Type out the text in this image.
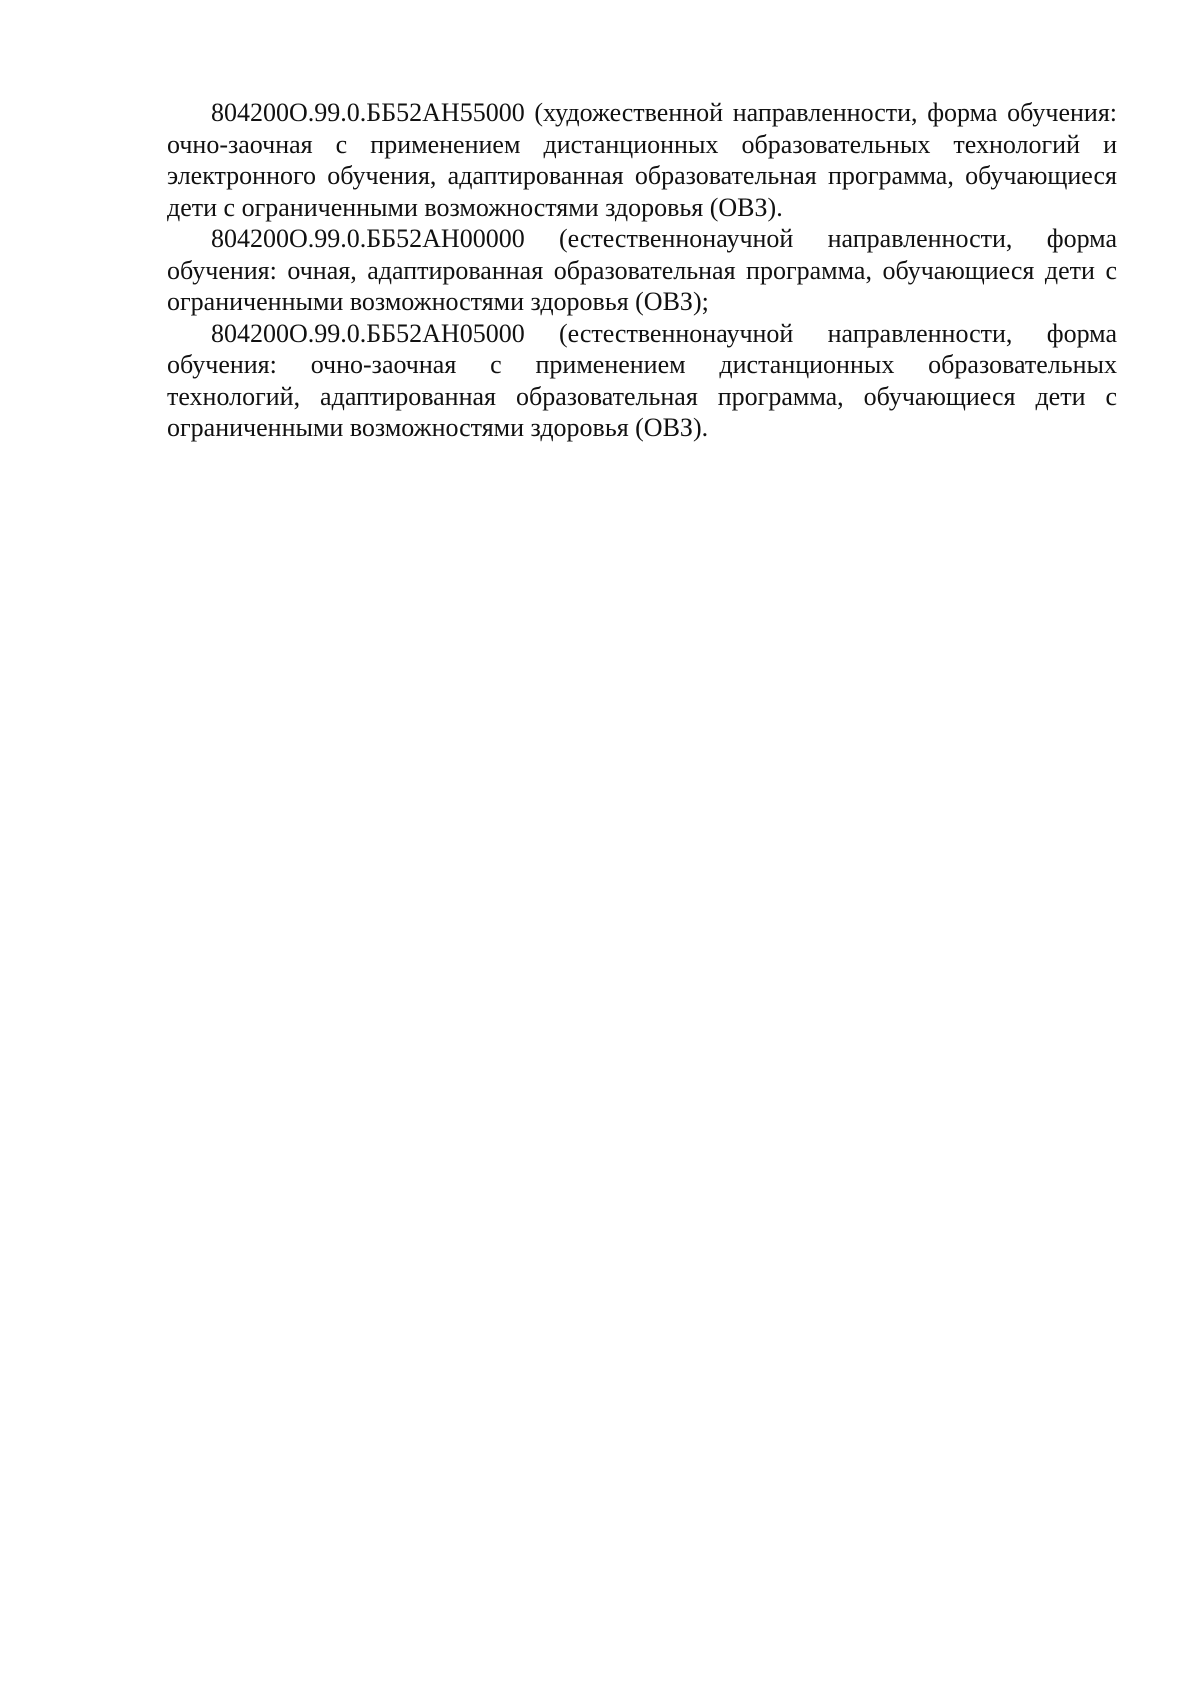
804200О.99.0.ББ52АН55000 (художественной направленности, форма обучения: очно-заочная с применением дистанционных образовательных технологий и электронного обучения, адаптированная образовательная программа, обучающиеся дети с ограниченными возможностями здоровья (ОВЗ).

804200О.99.0.ББ52АН00000 (естественнонаучной направленности, форма обучения: очная, адаптированная образовательная программа, обучающиеся дети с ограниченными возможностями здоровья (ОВЗ);

804200О.99.0.ББ52АН05000 (естественнонаучной направленности, форма обучения: очно-заочная с применением дистанционных образовательных технологий, адаптированная образовательная программа, обучающиеся дети с ограниченными возможностями здоровья (ОВЗ).
